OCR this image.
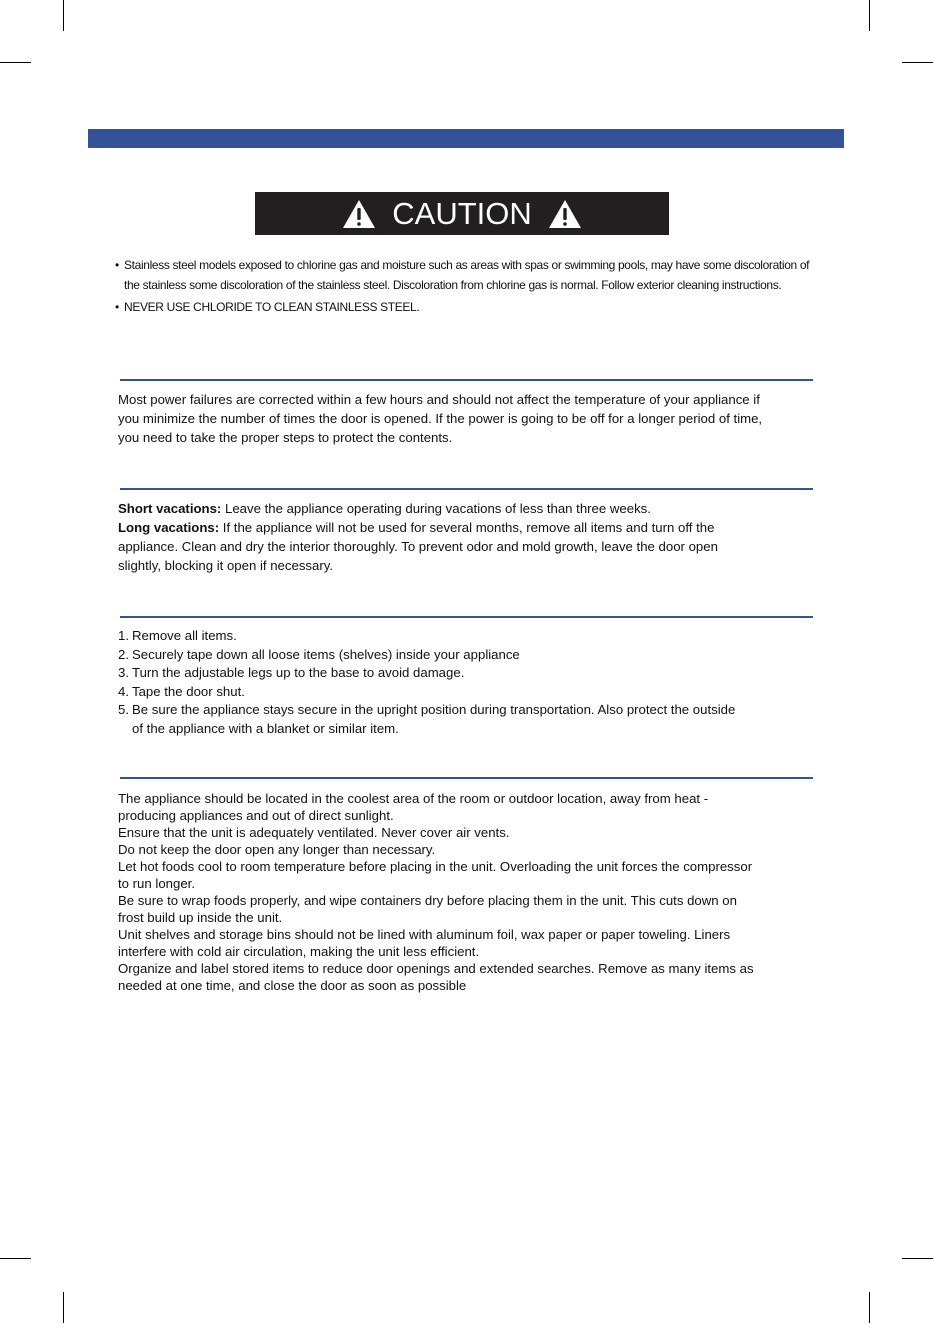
CAUTION

• Stainless steel models exposed to chlorine gas and moisture such as areas with spas or swimming pools, may have some discoloration of the stainless some discoloration of the stainless steel. Discoloration from chlorine gas is normal. Follow exterior cleaning instructions.

• NEVER USE CHLORIDE TO CLEAN STAINLESS STEEL.

Most power failures are corrected within a few hours and should not affect the temperature of your appliance if you minimize the number of times the door is opened. If the power is going to be off for a longer period of time, you need to take the proper steps to protect the contents.

Short vacations: Leave the appliance operating during vacations of less than three weeks.

Long vacations: If the appliance will not be used for several months, remove all items and turn off the appliance. Clean and dry the interior thoroughly. To prevent odor and mold growth, leave the door open slightly, blocking it open if necessary.

1. Remove all items.
2. Securely tape down all loose items (shelves) inside your appliance
3. Turn the adjustable legs up to the base to avoid damage.
4. Tape the door shut.
5. Be sure the appliance stays secure in the upright position during transportation. Also protect the outside of the appliance with a blanket or similar item.

The appliance should be located in the coolest area of the room or outdoor location, away from heat -producing appliances and out of direct sunlight.

Ensure that the unit is adequately ventilated. Never cover air vents.

Do not keep the door open any longer than necessary.

Let hot foods cool to room temperature before placing in the unit. Overloading the unit forces the compressor to run longer.

Be sure to wrap foods properly, and wipe containers dry before placing them in the unit. This cuts down on frost build up inside the unit.

Unit shelves and storage bins should not be lined with aluminum foil, wax paper or paper toweling. Liners interfere with cold air circulation, making the unit less efficient.

Organize and label stored items to reduce door openings and extended searches. Remove as many items as needed at one time, and close the door as soon as possible
